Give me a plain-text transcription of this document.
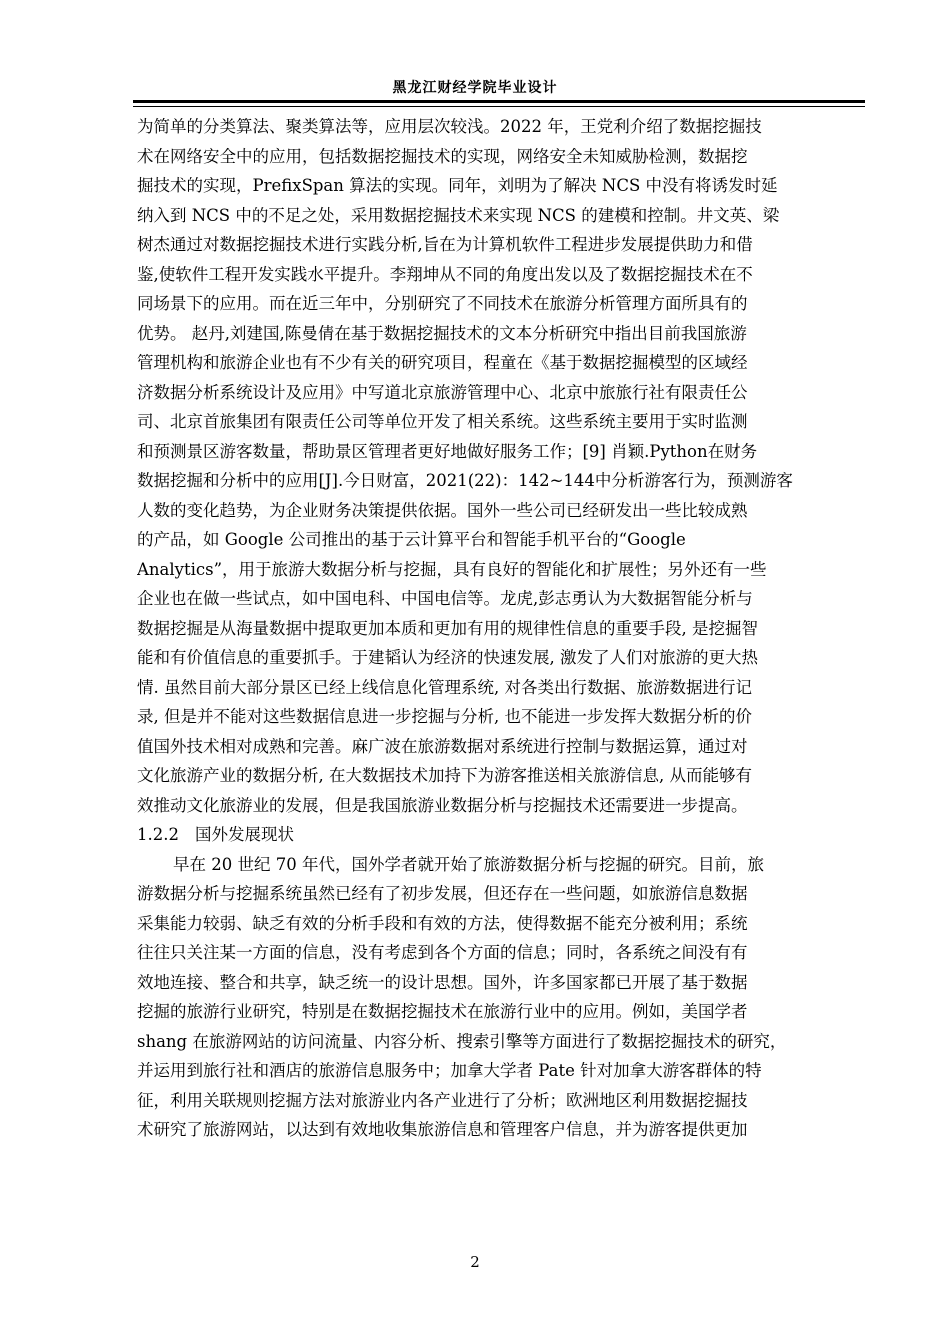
黑龙江财经学院毕业设计
为简单的分类算法、聚类算法等，应用层次较浅。2022 年，王党利介绍了数据挖掘技
术在网络安全中的应用，包括数据挖掘技术的实现，网络安全未知威胁检测，数据挖
掘技术的实现，PrefixSpan 算法的实现。同年，刘明为了解决 NCS 中没有将诱发时延
纳入到 NCS 中的不足之处，采用数据挖掘技术来实现 NCS 的建模和控制。井文英、梁
树杰通过对数据挖掘技术进行实践分析,旨在为计算机软件工程进步发展提供助力和借
鉴,使软件工程开发实践水平提升。李翔坤从不同的角度出发以及了数据挖掘技术在不
同场景下的应用。而在近三年中，分别研究了不同技术在旅游分析管理方面所具有的
优势。 赵丹,刘建国,陈曼倩在基于数据挖掘技术的文本分析研究中指出目前我国旅游
管理机构和旅游企业也有不少有关的研究项目，程童在《基于数据挖掘模型的区域经
济数据分析系统设计及应用》中写道北京旅游管理中心、北京中旅旅行社有限责任公
司、北京首旅集团有限责任公司等单位开发了相关系统。这些系统主要用于实时监测
和预测景区游客数量，帮助景区管理者更好地做好服务工作；[9] 肖颖.Python在财务
数据挖掘和分析中的应用[J].今日财富，2021(22)：142~144中分析游客行为，预测游客
人数的变化趋势，为企业财务决策提供依据。国外一些公司已经研发出一些比较成熟
的产品，如 Google 公司推出的基于云计算平台和智能手机平台的“Google
Analytics”，用于旅游大数据分析与挖掘，具有良好的智能化和扩展性；另外还有一些
企业也在做一些试点，如中国电科、中国电信等。龙虎,彭志勇认为大数据智能分析与
数据挖掘是从海量数据中提取更加本质和更加有用的规律性信息的重要手段, 是挖掘智
能和有价值信息的重要抓手。于建韬认为经济的快速发展, 激发了人们对旅游的更大热
情. 虽然目前大部分景区已经上线信息化管理系统, 对各类出行数据、旅游数据进行记
录, 但是并不能对这些数据信息进一步挖掘与分析, 也不能进一步发挥大数据分析的价
值国外技术相对成熟和完善。麻广波在旅游数据对系统进行控制与数据运算，通过对
文化旅游产业的数据分析, 在大数据技术加持下为游客推送相关旅游信息, 从而能够有
效推动文化旅游业的发展，但是我国旅游业数据分析与挖掘技术还需要进一步提高。
1.2.2 国外发展现状
早在 20 世纪 70 年代，国外学者就开始了旅游数据分析与挖掘的研究。目前，旅
游数据分析与挖掘系统虽然已经有了初步发展，但还存在一些问题，如旅游信息数据
采集能力较弱、缺乏有效的分析手段和有效的方法，使得数据不能充分被利用；系统
往往只关注某一方面的信息，没有考虑到各个方面的信息；同时，各系统之间没有有
效地连接、整合和共享，缺乏统一的设计思想。国外，许多国家都已开展了基于数据
挖掘的旅游行业研究，特别是在数据挖掘技术在旅游行业中的应用。例如，美国学者
shang 在旅游网站的访问流量、内容分析、搜索引擎等方面进行了数据挖掘技术的研究，
并运用到旅行社和酒店的旅游信息服务中；加拿大学者 Pate 针对加拿大游客群体的特
征，利用关联规则挖掘方法对旅游业内各产业进行了分析；欧洲地区利用数据挖掘技
术研究了旅游网站，以达到有效地收集旅游信息和管理客户信息，并为游客提供更加
2
